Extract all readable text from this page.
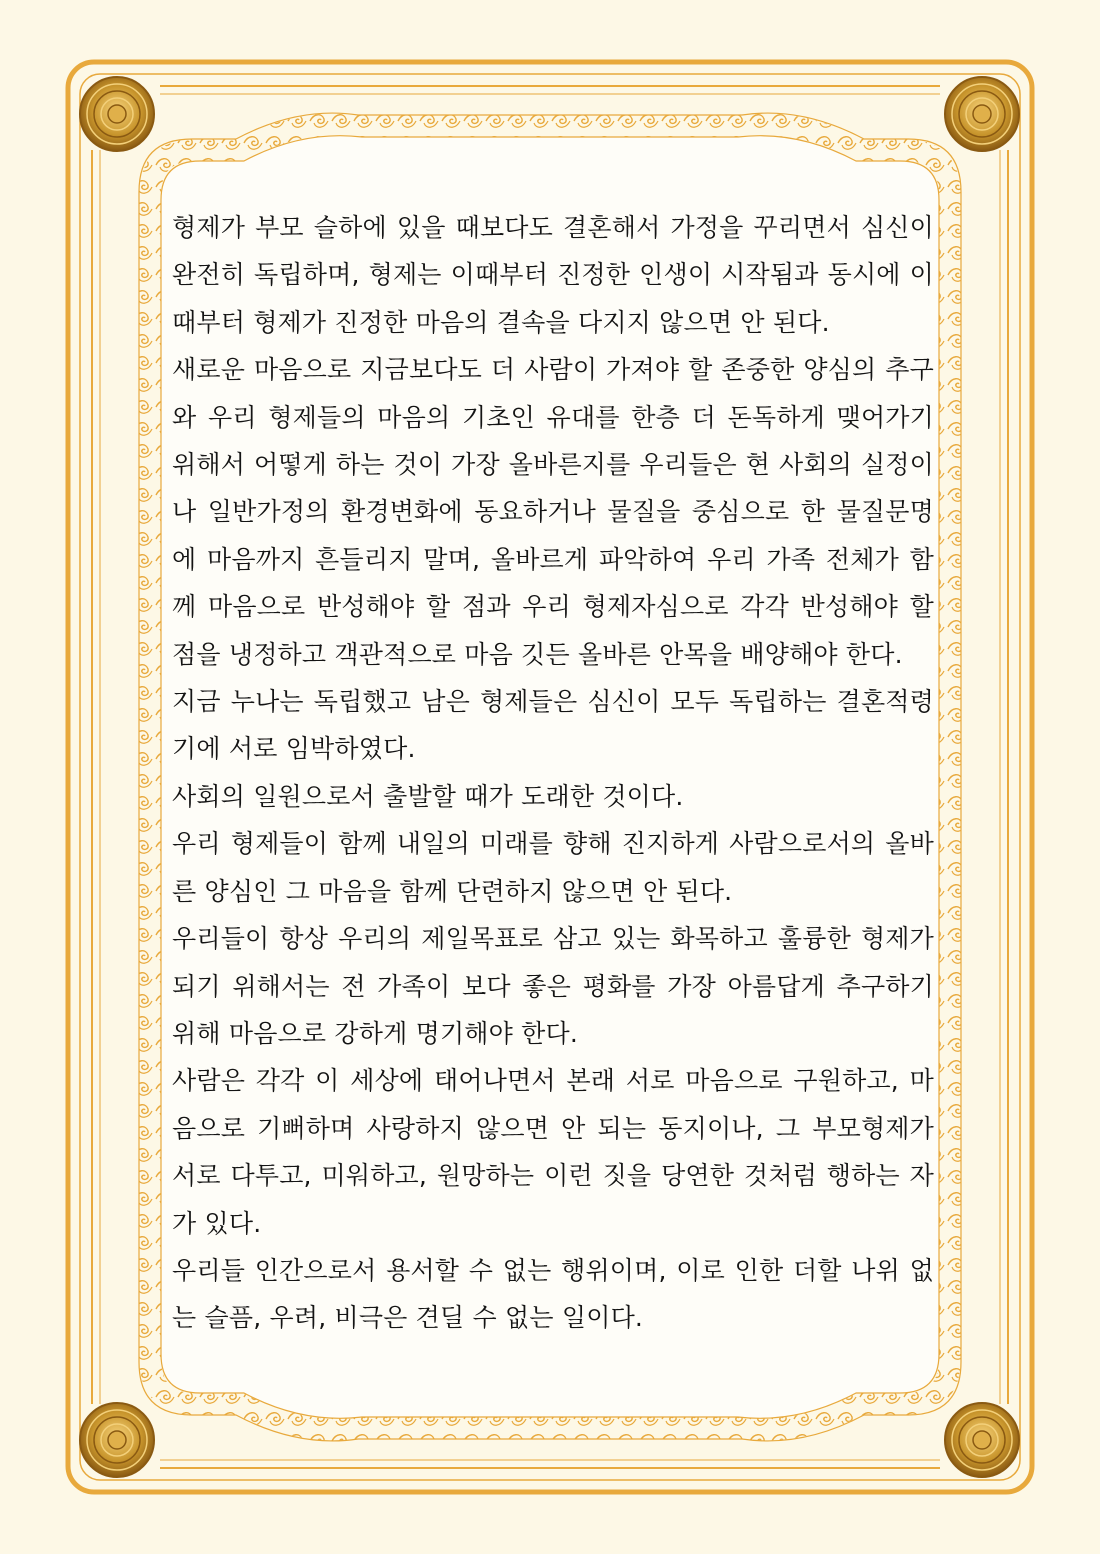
형제가 부모 슬하에 있을 때보다도 결혼해서 가정을 꾸리면서 심신이 완전히 독립하며, 형제는 이때부터 진정한 인생이 시작됨과 동시에 이때부터 형제가 진정한 마음의 결속을 다지지 않으면 안 된다.

새로운 마음으로 지금보다도 더 사람이 가져야 할 존중한 양심의 추구와 우리 형제들의 마음의 기초인 유대를 한층 더 돈독하게 맺어가기 위해서 어떻게 하는 것이 가장 올바른지를 우리들은 현 사회의 실정이나 일반가정의 환경변화에 동요하거나 물질을 중심으로 한 물질문명에 마음까지 흔들리지 말며, 올바르게 파악하여 우리 가족 전체가 함께 마음으로 반성해야 할 점과 우리 형제자심으로 각각 반성해야 할 점을 냉정하고 객관적으로 마음 깃든 올바른 안목을 배양해야 한다.

지금 누나는 독립했고 남은 형제들은 심신이 모두 독립하는 결혼적령기에 서로 임박하였다.

사회의 일원으로서 출발할 때가 도래한 것이다.

우리 형제들이 함께 내일의 미래를 향해 진지하게 사람으로서의 올바른 양심인 그 마음을 함께 단련하지 않으면 안 된다.

우리들이 항상 우리의 제일목표로 삼고 있는 화목하고 훌륭한 형제가 되기 위해서는 전 가족이 보다 좋은 평화를 가장 아름답게 추구하기 위해 마음으로 강하게 명기해야 한다.

사람은 각각 이 세상에 태어나면서 본래 서로 마음으로 구원하고, 마음으로 기뻐하며 사랑하지 않으면 안 되는 동지이나, 그 부모형제가 서로 다투고, 미워하고, 원망하는 이런 짓을 당연한 것처럼 행하는 자가 있다.

우리들 인간으로서 용서할 수 없는 행위이며, 이로 인한 더할 나위 없는 슬픔, 우려, 비극은 견딜 수 없는 일이다.
